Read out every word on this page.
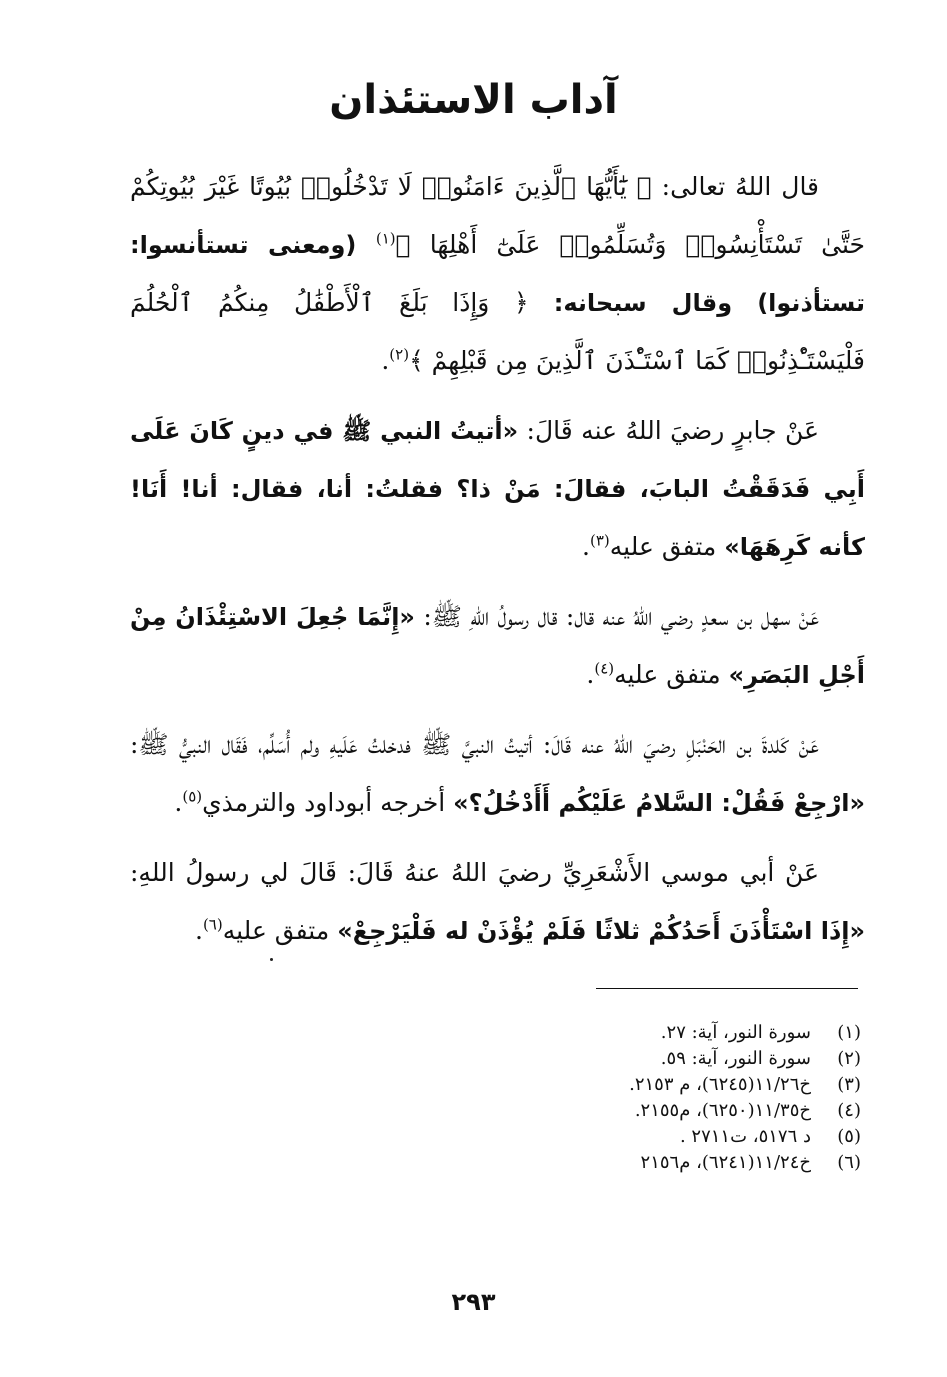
آداب الاستئذان

قال اللهُ تعالى: ﴿ يَٰٓأَيُّهَا ٱلَّذِينَ ءَامَنُوا۟ لَا تَدْخُلُوا۟ بُيُوتًا غَيْرَ بُيُوتِكُمْ حَتَّىٰ تَسْتَأْنِسُوا۟ وَتُسَلِّمُوا۟ عَلَىٰٓ أَهْلِهَا ﴾$^{(١)}$ (ومعنى تستأنسوا: تستأذنوا) وقال سبحانه: ﴿ وَإِذَا بَلَغَ ٱلْأَطْفَٰلُ مِنكُمُ ٱلْحُلُمَ فَلْيَسْتَـْٔذِنُوا۟ كَمَا ٱسْتَـْٔذَنَ ٱلَّذِينَ مِن قَبْلِهِمْ ﴾$^{(٢)}$.

عَنْ جابرٍ رضيَ اللهُ عنه قَالَ: «أتيتُ النبي ﷺ في دينٍ كَانَ عَلَى أَبِي فَدَقَقْتُ البابَ، فقالَ: مَنْ ذا؟ فقلتُ: أنا، فقال: أنا! أَنَا! كأنه كَرِهَهَا» متفق عليه$^{(٣)}$.

عَنْ سهل بن سعدٍ رضي اللهُ عنه قال: قال رسولُ اللهِ ﷺ: «إِنَّمَا جُعِلَ الاسْتِئْذَانُ مِنْ أَجْلِ البَصَرِ» متفق عليه$^{(٤)}$.

عَنْ كَلدةَ بن الحَنْبَلِ رضيَ اللهُ عنه قَالَ: أتيتُ النبيَّ ﷺ فدخلتُ عَلَيهِ ولم أُسَلِّم، فَقَال النبيُّ ﷺ: «ارْجِعْ فَقُلْ: السَّلامُ عَلَيْكُم أَأَدْخُلُ؟» أخرجه أبوداود والترمذي$^{(٥)}$.

عَنْ أبي موسي الأَشْعَرِيِّ رضيَ اللهُ عنهُ قَالَ: قَالَ لي رسولُ اللهِ: «إِذَا اسْتَأْذَنَ أَحَدُكُمْ ثلاثًا فَلَمْ يُؤْذَنْ له فَلْيَرْجِعْ» متفق عليه$^{(٦)}$.

(١)
سورة النور، آية: ٢٧.
(٢)
سورة النور، آية: ٥٩.
(٣)
خ١١/٢٦(٦٢٤٥)، م ٢١٥٣.
(٤)
خ١١/٣٥(٦٢٥٠)، م٢١٥٥.
(٥)
د ٥١٧٦، ت٢٧١١ .
(٦)
خ١١/٢٤(٦٢٤١)، م٢١٥٦
٢٩٣
